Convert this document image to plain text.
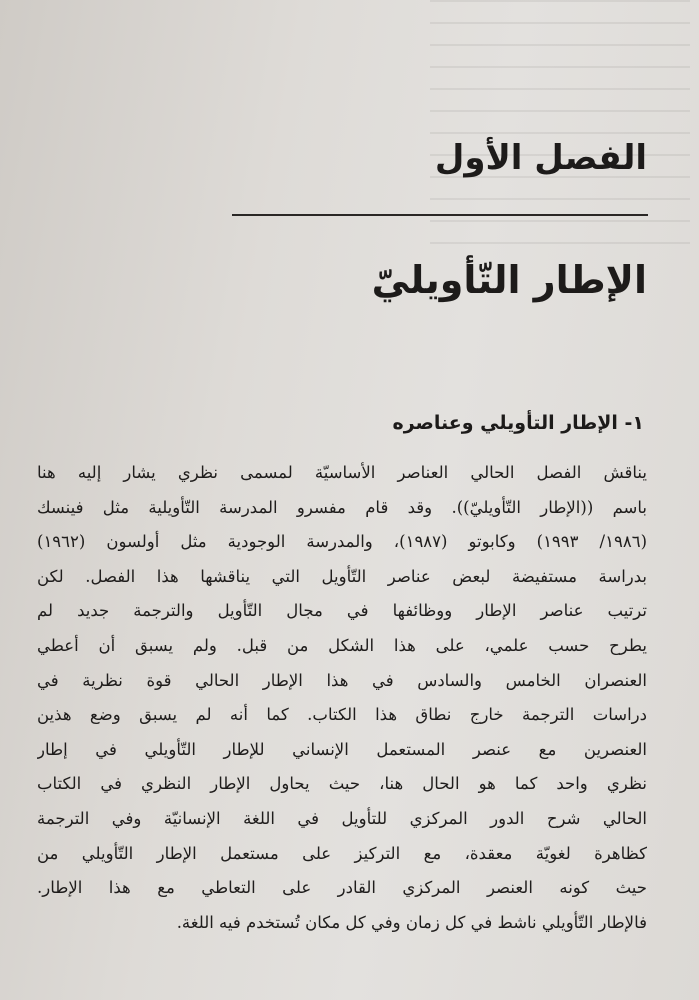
الفصل الأول
الإطار التّأويليّ
١- الإطار التأويلي وعناصره
يناقش الفصل الحالي العناصر الأساسيّة لمسمى نظري يشار إليه هنا
باسم ((الإطار التّأويليّ)). وقد قام مفسرو المدرسة التّأويلية مثل فينسك
(١٩٨٦/ ١٩٩٣) وكابوتو (١٩٨٧)، والمدرسة الوجودية مثل أولسون (١٩٦٢)
بدراسة مستفيضة لبعض عناصر التّأويل التي يناقشها هذا الفصل. لكن
ترتيب عناصر الإطار ووظائفها في مجال التّأويل والترجمة جديد لم
يطرح حسب علمي، على هذا الشكل من قبل. ولم يسبق أن أعطي
العنصران الخامس والسادس في هذا الإطار الحالي قوة نظرية في
دراسات الترجمة خارج نطاق هذا الكتاب. كما أنه لم يسبق وضع هذين
العنصرين مع عنصر المستعمل الإنساني للإطار التّأويلي في إطار
نظري واحد كما هو الحال هنا، حيث يحاول الإطار النظري في الكتاب
الحالي شرح الدور المركزي للتأويل في اللغة الإنسانيّة وفي الترجمة
كظاهرة لغويّة معقدة، مع التركيز على مستعمل الإطار التّأويلي من
حيث كونه العنصر المركزي القادر على التعاطي مع هذا الإطار.
فالإطار التّأويلي ناشط في كل زمان وفي كل مكان تُستخدم فيه اللغة.
